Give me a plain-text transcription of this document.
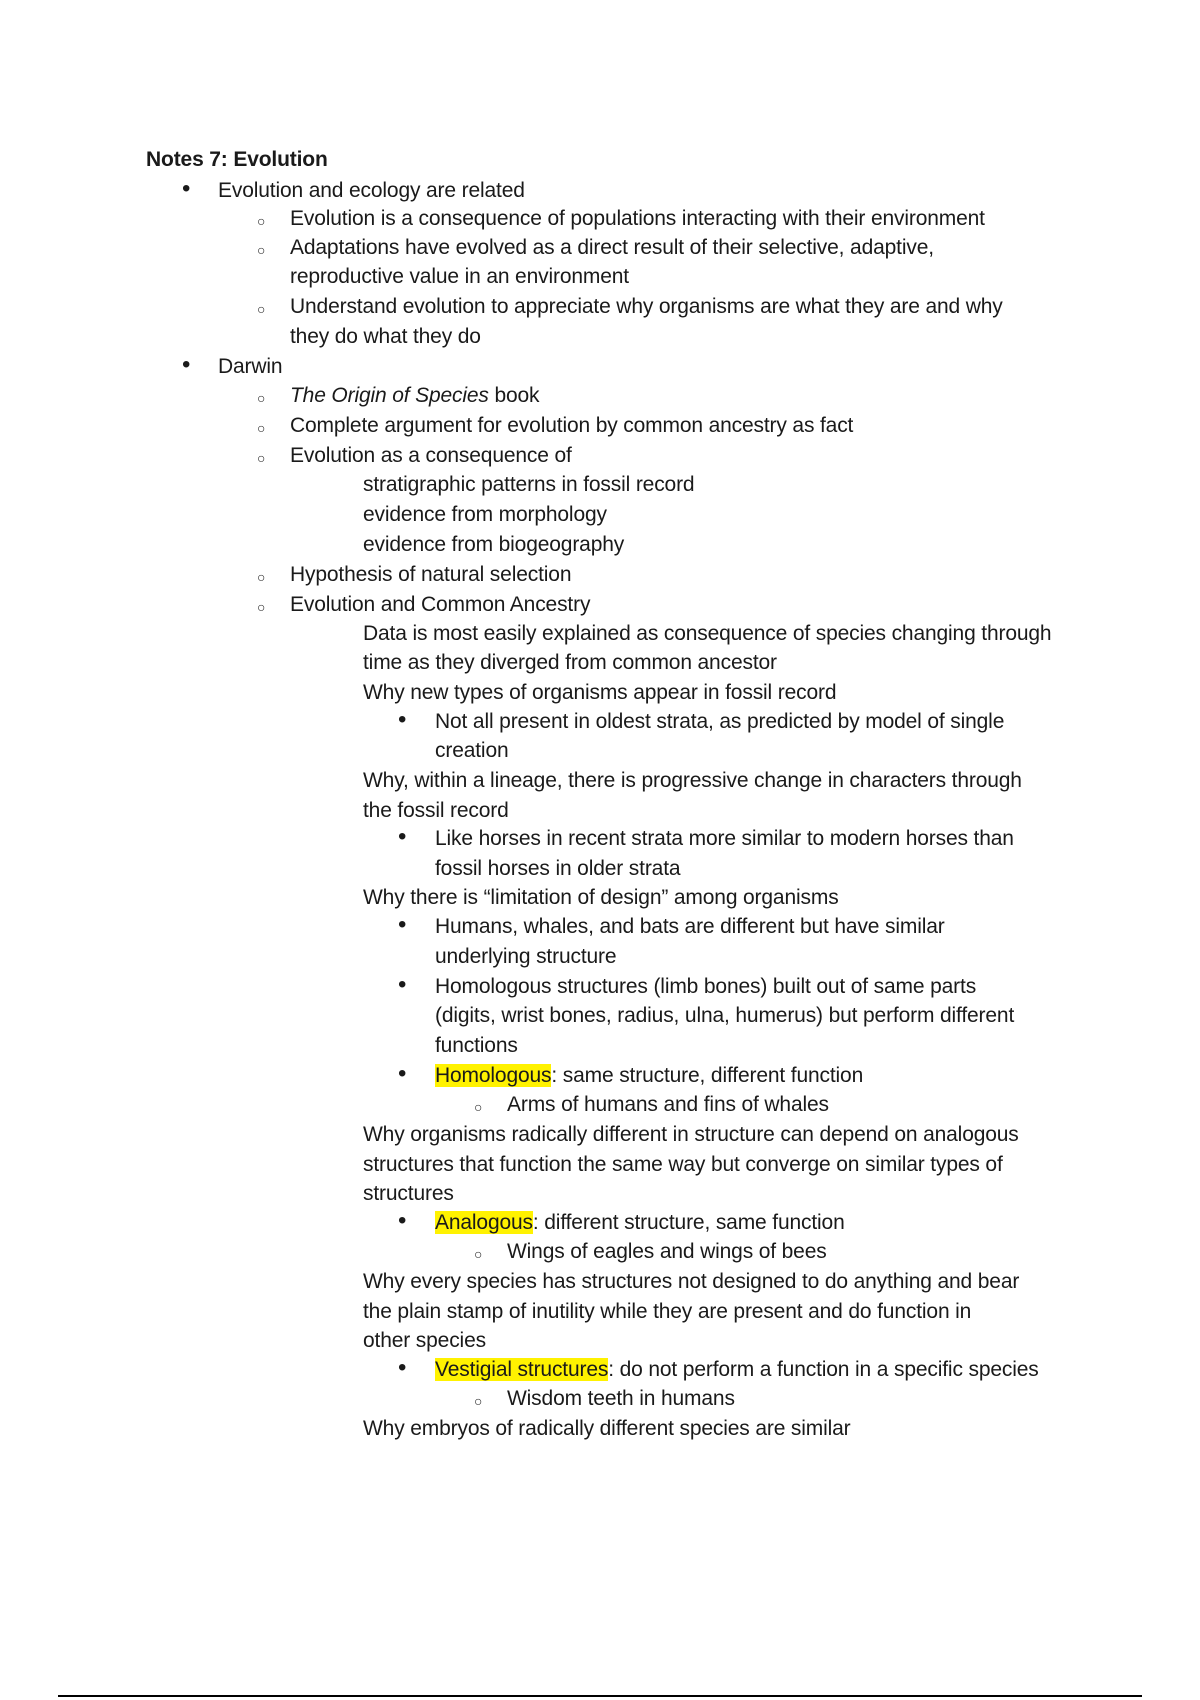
Notes 7: Evolution
•
Evolution and ecology are related
○
Evolution is a consequence of populations interacting with their environment
○
Adaptations have evolved as a direct result of their selective, adaptive,
reproductive value in an environment
○
Understand evolution to appreciate why organisms are what they are and why
they do what they do
•
Darwin
○
The Origin of Species book
○
Complete argument for evolution by common ancestry as fact
○
Evolution as a consequence of
stratigraphic patterns in fossil record
evidence from morphology
evidence from biogeography
○
Hypothesis of natural selection
○
Evolution and Common Ancestry
Data is most easily explained as consequence of species changing through
time as they diverged from common ancestor
Why new types of organisms appear in fossil record
•
Not all present in oldest strata, as predicted by model of single
creation
Why, within a lineage, there is progressive change in characters through
the fossil record
•
Like horses in recent strata more similar to modern horses than
fossil horses in older strata
Why there is “limitation of design” among organisms
•
Humans, whales, and bats are different but have similar
underlying structure
•
Homologous structures (limb bones) built out of same parts
(digits, wrist bones, radius, ulna, humerus) but perform different
functions
•
Homologous: same structure, different function
○
Arms of humans and fins of whales
Why organisms radically different in structure can depend on analogous
structures that function the same way but converge on similar types of
structures
•
Analogous: different structure, same function
○
Wings of eagles and wings of bees
Why every species has structures not designed to do anything and bear
the plain stamp of inutility while they are present and do function in
other species
•
Vestigial structures: do not perform a function in a specific species
○
Wisdom teeth in humans
Why embryos of radically different species are similar
